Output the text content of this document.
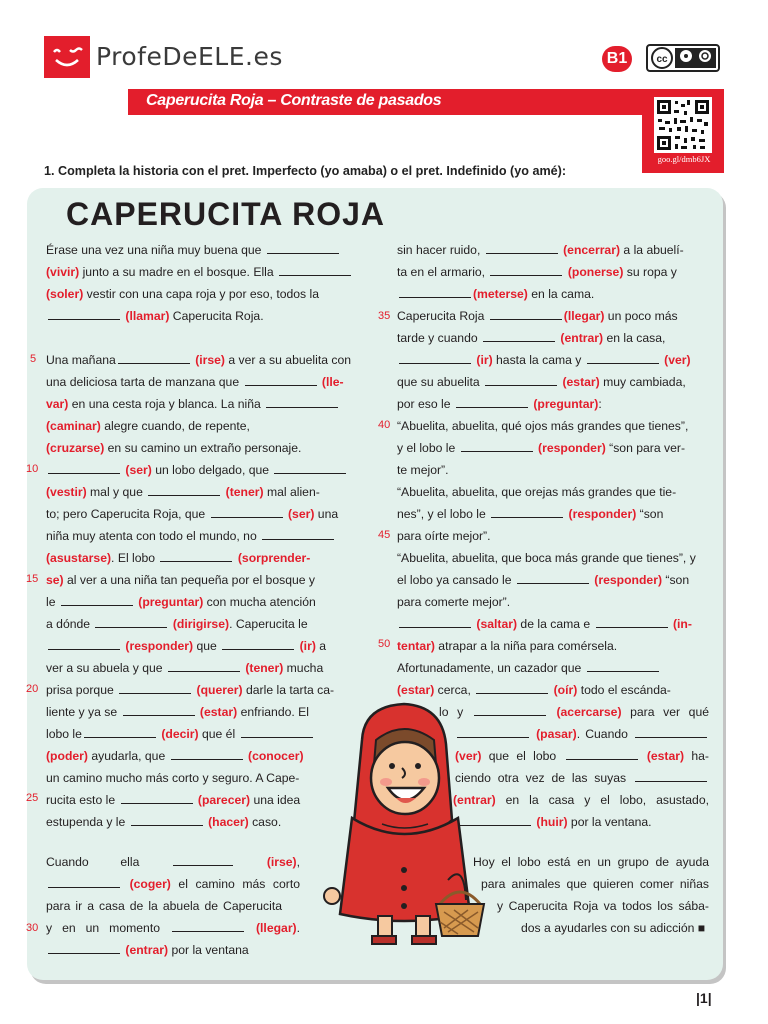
ProfeDeELE.es	B1	cc
Caperucita Roja – Contraste de pasados
goo.gl/dmb6JX
1. Completa la historia con el pret. Imperfecto (yo amaba) o el pret. Indefinido (yo amé):
CAPERUCITA ROJA
5
10
15
20
25
30
35
40
45
50
Érase una vez una niña muy buena que
(vivir) junto a su madre en el bosque. Ella
(soler) vestir con una capa roja y por eso, todos la
(llamar) Caperucita Roja.
Una mañana	(irse) a ver a su abuelita con
una deliciosa tarta de manzana que	(lle-
var) en una cesta roja y blanca. La niña
(caminar) alegre cuando, de repente,
(cruzarse) en su camino un extraño personaje.
(ser) un lobo delgado, que
(vestir) mal y que	(tener) mal alien-
to; pero Caperucita Roja, que	(ser) una
niña muy atenta con todo el mundo, no
(asustarse). El lobo	(sorprender-
se) al ver a una niña tan pequeña por el bosque y
le	(preguntar) con mucha atención
a dónde	(dirigirse). Caperucita le
(responder) que	(ir) a
ver a su abuela y que	(tener) mucha
prisa porque	(querer) darle la tarta ca-
liente y ya se	(estar) enfriando. El
lobo le	(decir) que él
(poder) ayudarla, que	(conocer)
un camino mucho más corto y seguro. A Cape-
rucita esto le	(parecer) una idea
estupenda y le	(hacer) caso.
Cuando ella	(irse),
(coger) el camino más corto
para ir a casa de la abuela de Caperucita
y en un momento	(llegar).
(entrar) por la ventana
sin hacer ruido,	(encerrar) a la abuelí-
ta en el armario,	(ponerse) su ropa y
(meterse) en la cama.
Caperucita Roja	(llegar) un poco más
tarde y cuando	(entrar) en la casa,
(ir) hasta la cama y	(ver)
que su abuelita	(estar) muy cambiada,
por eso le	(preguntar):
“Abuelita, abuelita, qué ojos más grandes que tienes”,
y el lobo le	(responder) “son para ver-
te mejor”.
“Abuelita, abuelita, que orejas más grandes que tie-
nes”, y el lobo le	(responder) “son
para oírte mejor”.
“Abuelita, abuelita, que boca más grande que tienes”, y
el lobo ya cansado le	(responder) “son
para comerte mejor”.
(saltar) de la cama e	(in-
tentar) atrapar a la niña para comérsela.
Afortunadamente, un cazador que
(estar) cerca,	(oír) todo el escánda-
lo y	(acercarse) para ver qué
(pasar). Cuando
(ver) que el lobo	(estar) ha-
ciendo otra vez de las suyas
(entrar) en la casa y el lobo, asustado,
(huir) por la ventana.
Hoy el lobo está en un grupo de ayuda
para animales que quieren comer niñas
y Caperucita Roja va todos los sába-
dos a ayudarles con su adicción ■
|1|
